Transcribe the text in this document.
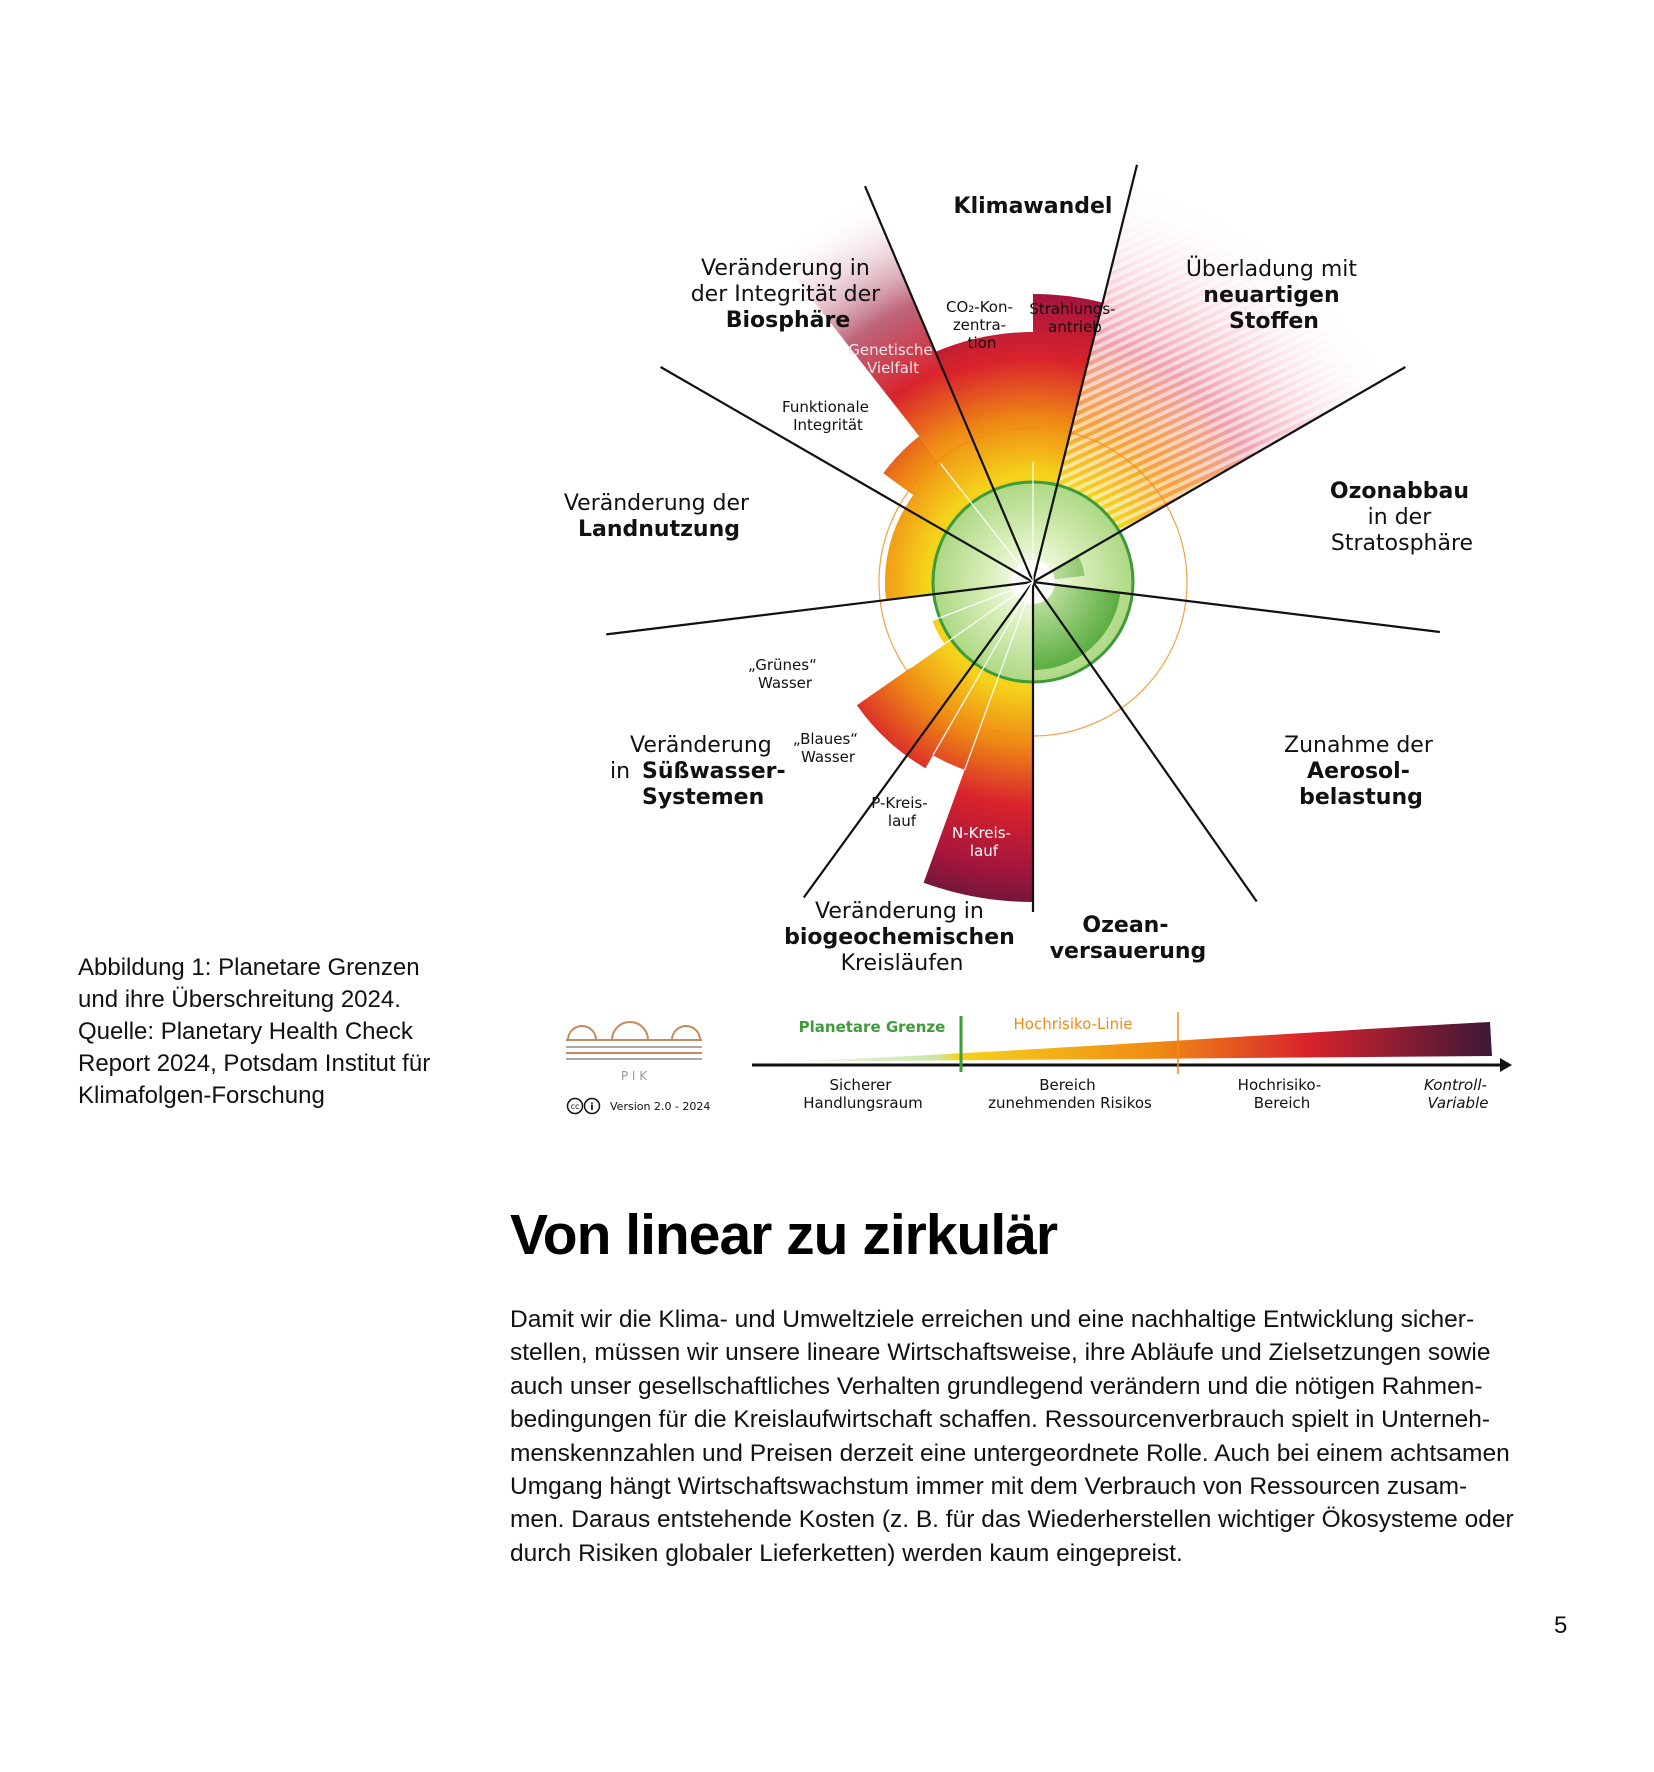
Klimawandel
Veränderung in der Integrität der Biosphäre
Genetische Vielfalt
Funktionale Integrität
CO₂-Kon- zentra- tion
Strahlungs- antrieb
Überladung mit neuartigen Stoffen
Ozonabbau in der Stratosphäre
Veränderung der Landnutzung
„Grünes“ Wasser
„Blaues“ Wasser
Veränderung in Süßwasser- Systemen	P-Kreis- lauf
N-Kreis- lauf
Veränderung in biogeochemischen Kreisläufen
Ozean- versauerung
Zunahme der Aerosol- belastung
Planetare Grenze	Hochrisiko-Linie
Sicherer Handlungsraum
Bereich zunehmenden Risikos
Hochrisiko- Bereich
Kontroll- Variable
P I K
cc i Version 2.0 - 2024
Abbildung 1: Planetare Grenzen
und ihre Überschreitung 2024.
Quelle: Planetary Health Check
Report 2024, Potsdam Institut für
Klimafolgen-Forschung
Von linear zu zirkulär
Damit wir die Klima- und Umweltziele erreichen und eine nachhaltige Entwicklung sicher-
stellen, müssen wir unsere lineare Wirtschaftsweise, ihre Abläufe und Zielsetzungen sowie
auch unser gesellschaftliches Verhalten grundlegend verändern und die nötigen Rahmen-
bedingungen für die Kreislaufwirtschaft schaffen. Ressourcenverbrauch spielt in Unterneh-
menskennzahlen und Preisen derzeit eine untergeordnete Rolle. Auch bei einem achtsamen
Umgang hängt Wirtschaftswachstum immer mit dem Verbrauch von Ressourcen zusam-
men. Daraus entstehende Kosten (z. B. für das Wiederherstellen wichtiger Ökosysteme oder
durch Risiken globaler Lieferketten) werden kaum eingepreist.
5
